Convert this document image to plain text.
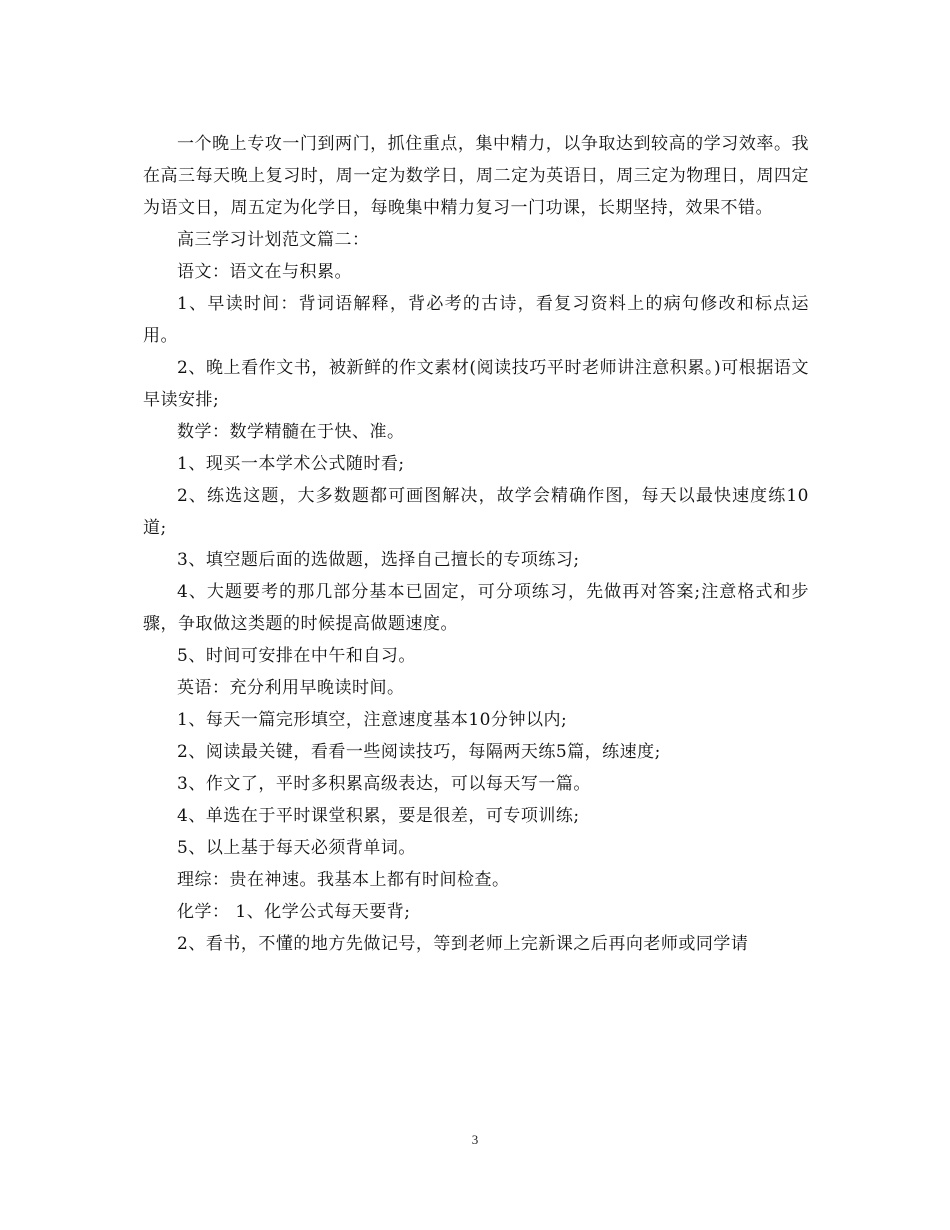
一个晚上专攻一门到两门，抓住重点，集中精力，以争取达到较高的学习效率。我在高三每天晚上复习时，周一定为数学日，周二定为英语日，周三定为物理日，周四定为语文日，周五定为化学日，每晚集中精力复习一门功课，长期坚持，效果不错。

高三学习计划范文篇二：

语文：语文在与积累。

1、早读时间：背词语解释，背必考的古诗，看复习资料上的病句修改和标点运用。

2、晚上看作文书，被新鲜的作文素材(阅读技巧平时老师讲注意积累。)可根据语文早读安排;

数学：数学精髓在于快、准。

1、现买一本学术公式随时看;

2、练选这题，大多数题都可画图解决，故学会精确作图，每天以最快速度练10道;

3、填空题后面的选做题，选择自己擅长的专项练习;

4、大题要考的那几部分基本已固定，可分项练习，先做再对答案;注意格式和步骤，争取做这类题的时候提高做题速度。

5、时间可安排在中午和自习。

英语：充分利用早晚读时间。

1、每天一篇完形填空，注意速度基本10分钟以内;

2、阅读最关键，看看一些阅读技巧，每隔两天练5篇，练速度;

3、作文了，平时多积累高级表达，可以每天写一篇。

4、单选在于平时课堂积累，要是很差，可专项训练;

5、以上基于每天必须背单词。

理综：贵在神速。我基本上都有时间检查。

化学： 1、化学公式每天要背;

2、看书，不懂的地方先做记号，等到老师上完新课之后再向老师或同学请

3
